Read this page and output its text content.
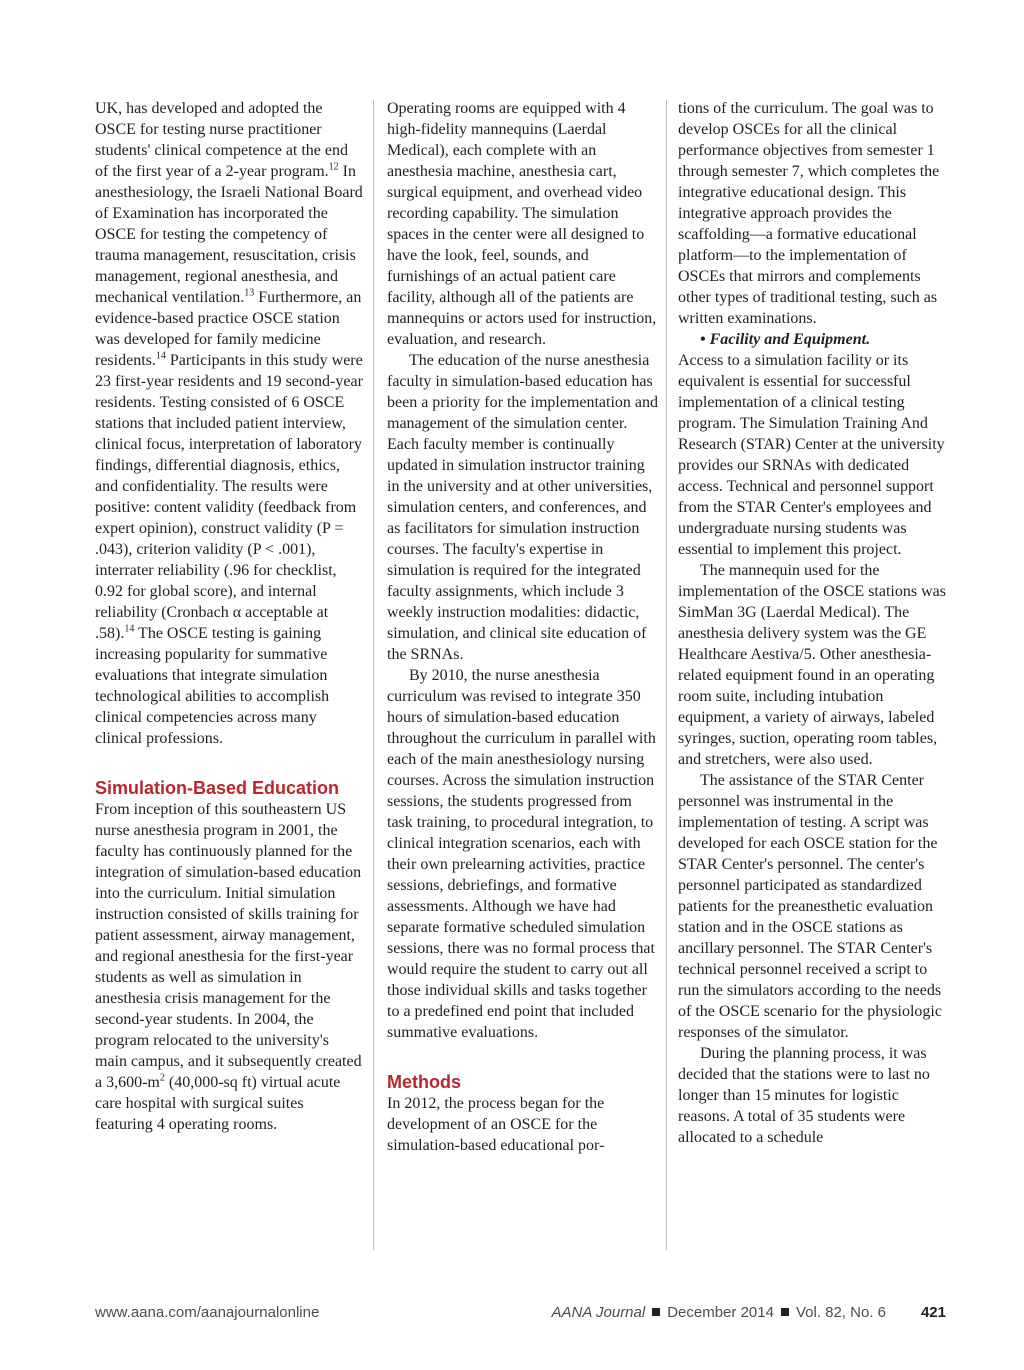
UK, has developed and adopted the OSCE for testing nurse practitioner students' clinical competence at the end of the first year of a 2-year program.$^{12}$ In anesthesiology, the Israeli National Board of Examination has incorporated the OSCE for testing the competency of trauma management, resuscitation, crisis management, regional anesthesia, and mechanical ventilation.$^{13}$ Furthermore, an evidence-based practice OSCE station was developed for family medicine residents.$^{14}$ Participants in this study were 23 first-year residents and 19 second-year residents. Testing consisted of 6 OSCE stations that included patient interview, clinical focus, interpretation of laboratory findings, differential diagnosis, ethics, and confidentiality. The results were positive: content validity (feedback from expert opinion), construct validity (P = .043), criterion validity (P < .001), interrater reliability (.96 for checklist, 0.92 for global score), and internal reliability (Cronbach α acceptable at .58).$^{14}$ The OSCE testing is gaining increasing popularity for summative evaluations that integrate simulation technological abilities to accomplish clinical competencies across many clinical professions.

Simulation-Based Education

From inception of this southeastern US nurse anesthesia program in 2001, the faculty has continuously planned for the integration of simulation-based education into the curriculum. Initial simulation instruction consisted of skills training for patient assessment, airway management, and regional anesthesia for the first-year students as well as simulation in anesthesia crisis management for the second-year students. In 2004, the program relocated to the university's main campus, and it subsequently created a $3,600-m^2$ (40,000-sq ft) virtual acute care hospital with surgical suites featuring 4 operating rooms.

Operating rooms are equipped with 4 high-fidelity mannequins (Laerdal Medical), each complete with an anesthesia machine, anesthesia cart, surgical equipment, and overhead video recording capability. The simulation spaces in the center were all designed to have the look, feel, sounds, and furnishings of an actual patient care facility, although all of the patients are mannequins or actors used for instruction, evaluation, and research.

The education of the nurse anesthesia faculty in simulation-based education has been a priority for the implementation and management of the simulation center. Each faculty member is continually updated in simulation instructor training in the university and at other universities, simulation centers, and conferences, and as facilitators for simulation instruction courses. The faculty's expertise in simulation is required for the integrated faculty assignments, which include 3 weekly instruction modalities: didactic, simulation, and clinical site education of the SRNAs.

By 2010, the nurse anesthesia curriculum was revised to integrate 350 hours of simulation-based education throughout the curriculum in parallel with each of the main anesthesiology nursing courses. Across the simulation instruction sessions, the students progressed from task training, to procedural integration, to clinical integration scenarios, each with their own prelearning activities, practice sessions, debriefings, and formative assessments. Although we have had separate formative scheduled simulation sessions, there was no formal process that would require the student to carry out all those individual skills and tasks together to a predefined end point that included summative evaluations.

Methods

In 2012, the process began for the development of an OSCE for the simulation-based educational por-

tions of the curriculum. The goal was to develop OSCEs for all the clinical performance objectives from semester 1 through semester 7, which completes the integrative educational design. This integrative approach provides the scaffolding—a formative educational platform—to the implementation of OSCEs that mirrors and complements other types of traditional testing, such as written examinations.

• Facility and Equipment.

Access to a simulation facility or its equivalent is essential for successful implementation of a clinical testing program. The Simulation Training And Research (STAR) Center at the university provides our SRNAs with dedicated access. Technical and personnel support from the STAR Center's employees and undergraduate nursing students was essential to implement this project.

The mannequin used for the implementation of the OSCE stations was SimMan 3G (Laerdal Medical). The anesthesia delivery system was the GE Healthcare Aestiva/5. Other anesthesia-related equipment found in an operating room suite, including intubation equipment, a variety of airways, labeled syringes, suction, operating room tables, and stretchers, were also used.

The assistance of the STAR Center personnel was instrumental in the implementation of testing. A script was developed for each OSCE station for the STAR Center's personnel. The center's personnel participated as standardized patients for the preanesthetic evaluation station and in the OSCE stations as ancillary personnel. The STAR Center's technical personnel received a script to run the simulators according to the needs of the OSCE scenario for the physiologic responses of the simulator.

During the planning process, it was decided that the stations were to last no longer than 15 minutes for logistic reasons. A total of 35 students were allocated to a schedule

www.aana.com/aanajournalonline	AANA Journal December 2014 Vol. 82, No. 6 421
